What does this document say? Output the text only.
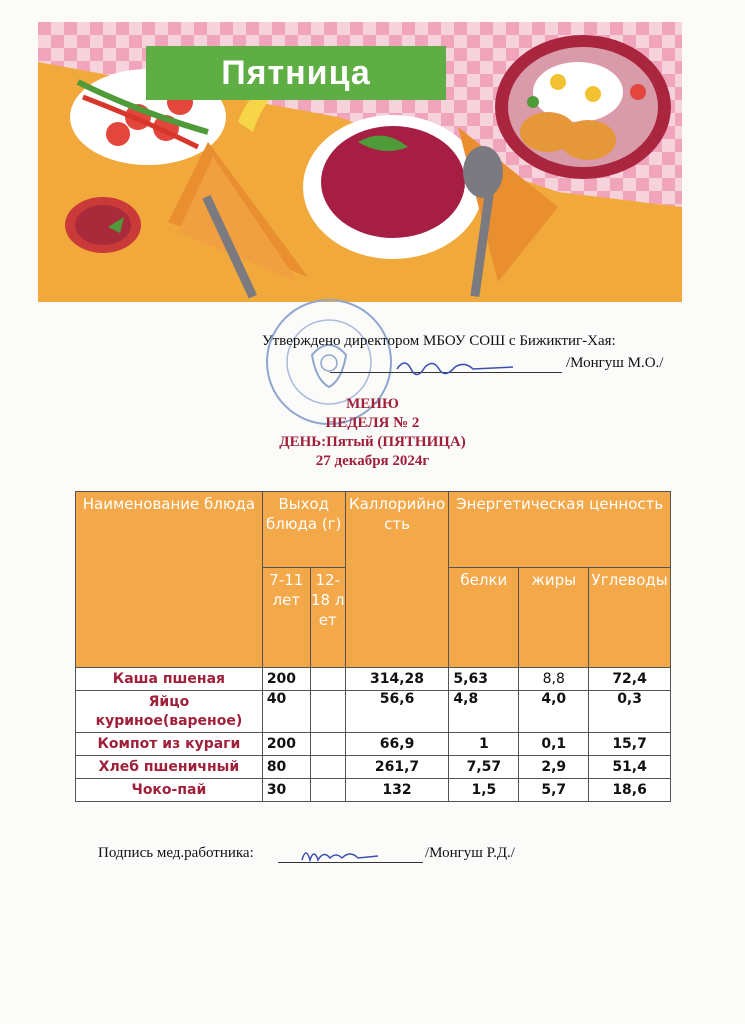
Пятница
Утверждено директором МБОУ СОШ с Бижиктиг-Хая:
/Монгуш М.О./
МЕНЮ
НЕДЕЛЯ № 2
ДЕНЬ:Пятый (ПЯТНИЦА)
27 декабря 2024г
Наименование блюда	Выход блюда (г)		Каллорийность	Энергетическая ценность		
	7-11 лет	12-18 лет		белки	жиры	Углеводы
Каша пшеная	200		314,28	5,63	8,8	72,4
Яйцо куриное(вареное)	40		56,6	4,8	4,0	0,3
Компот из кураги	200		66,9	1	0,1	15,7
Хлеб пшеничный	80		261,7	7,57	2,9	51,4
Чоко-пай	30		132	1,5	5,7	18,6
Подпись мед.работника:	/Монгуш Р.Д./
